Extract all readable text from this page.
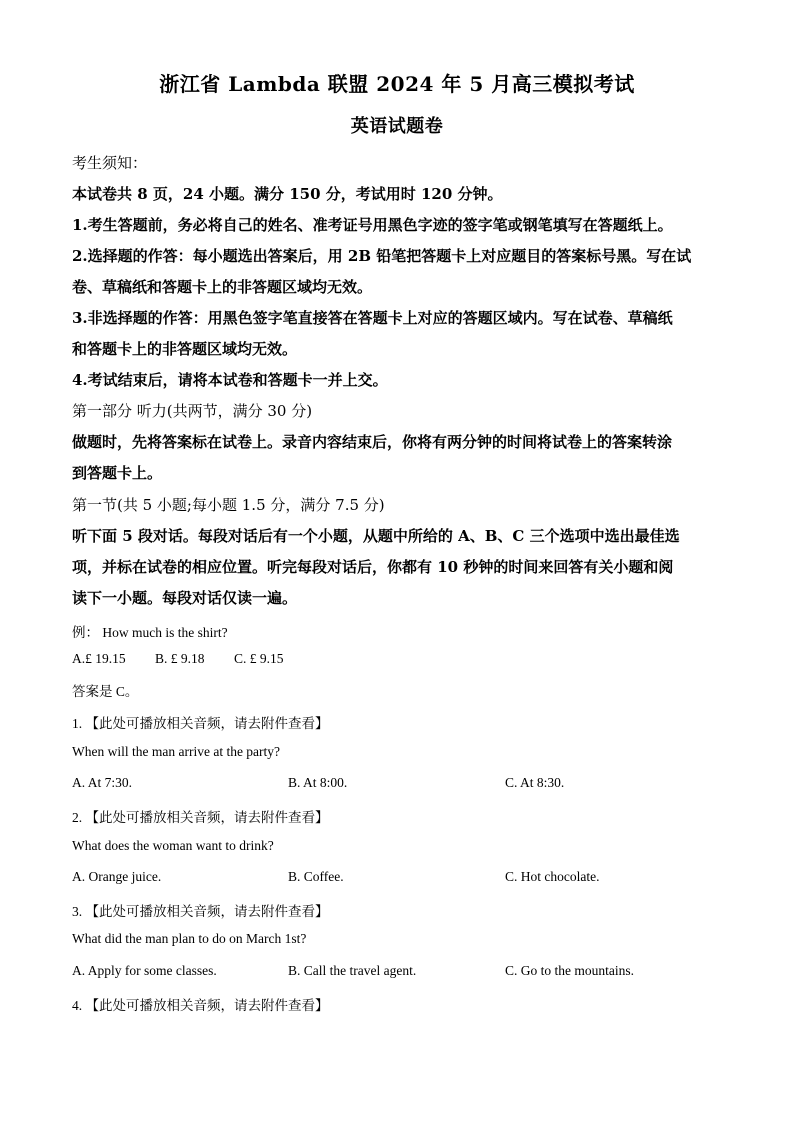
浙江省 Lambda 联盟 2024 年 5 月高三模拟考试
英语试题卷
考生须知：
本试卷共 8 页，24 小题。满分 150 分，考试用时 120 分钟。
1.考生答题前，务必将自己的姓名、准考证号用黑色字迹的签字笔或钢笔填写在答题纸上。
2.选择题的作答：每小题选出答案后，用 2B 铅笔把答题卡上对应题目的答案标号黑。写在试
卷、草稿纸和答题卡上的非答题区域均无效。
3.非选择题的作答：用黑色签字笔直接答在答题卡上对应的答题区域内。写在试卷、草稿纸
和答题卡上的非答题区域均无效。
4.考试结束后，请将本试卷和答题卡一并上交。
第一部分 听力(共两节，满分 30 分)
做题时，先将答案标在试卷上。录音内容结束后，你将有两分钟的时间将试卷上的答案转涂
到答题卡上。
第一节(共 5 小题;每小题 1.5 分，满分 7.5 分)
听下面 5 段对话。每段对话后有一个小题，从题中所给的 A、B、C 三个选项中选出最佳选
项，并标在试卷的相应位置。听完每段对话后，你都有 10 秒钟的时间来回答有关小题和阅
读下一小题。每段对话仅读一遍。
例： How much is the shirt?
A.£ 19.15 B. £ 9.18 C. £ 9.15
答案是 C。
1. 【此处可播放相关音频，请去附件查看】
When will the man arrive at the party?
A. At 7:30.	B. At 8:00.	C. At 8:30.
2. 【此处可播放相关音频，请去附件查看】
What does the woman want to drink?
A. Orange juice.	B. Coffee.	C. Hot chocolate.
3. 【此处可播放相关音频，请去附件查看】
What did the man plan to do on March 1st?
A. Apply for some classes.	B. Call the travel agent.	C. Go to the mountains.
4. 【此处可播放相关音频，请去附件查看】
